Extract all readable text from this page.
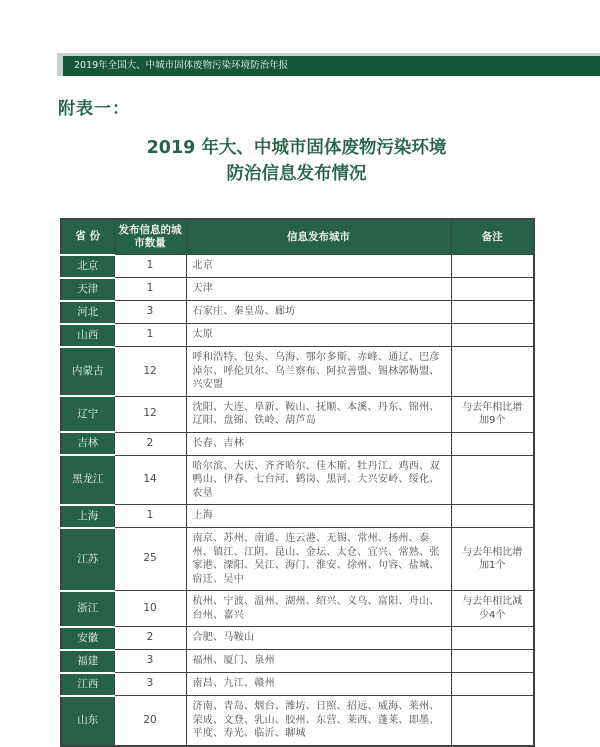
2019年全国大、中城市固体废物污染环境防治年报
附表一：
2019 年大、中城市固体废物污染环境
防治信息发布情况
省 份	发布信息的城市数量	信息发布城市	备注
北京	1	北京	
天津	1	天津	
河北	3	石家庄、秦皇岛、廊坊	
山西	1	太原	
内蒙古	12	呼和浩特、包头、乌海、鄂尔多斯、赤峰、通辽、巴彦淖尔、呼伦贝尔、乌兰察布、阿拉善盟、锡林郭勒盟、兴安盟	
辽宁	12	沈阳、大连、阜新、鞍山、抚顺、本溪、丹东、锦州、辽阳、盘锦、铁岭、葫芦岛	与去年相比增加9个
吉林	2	长春、吉林	
黑龙江	14	哈尔滨、大庆、齐齐哈尔、佳木斯、牡丹江、鸡西、双鸭山、伊春、七台河、鹤岗、黑河、大兴安岭、绥化、农垦	
上海	1	上海	
江苏	25	南京、苏州、南通、连云港、无锡、常州、扬州、泰州、镇江、江阴、昆山、金坛、太仓、宜兴、常熟、张家港、溧阳、吴江、海门、淮安、徐州、句容、盐城、宿迁、吴中	与去年相比增加1个
浙江	10	杭州、宁波、温州、湖州、绍兴、义乌、富阳、舟山、台州、嘉兴	与去年相比减少4个
安徽	2	合肥、马鞍山	
福建	3	福州、厦门、泉州	
江西	3	南昌、九江、赣州	
山东	20	济南、青岛、烟台、潍坊、日照、招远、威海、莱州、荣成、文登、乳山、胶州、东营、莱西、蓬莱、即墨、平度、寿光、临沂、聊城	
